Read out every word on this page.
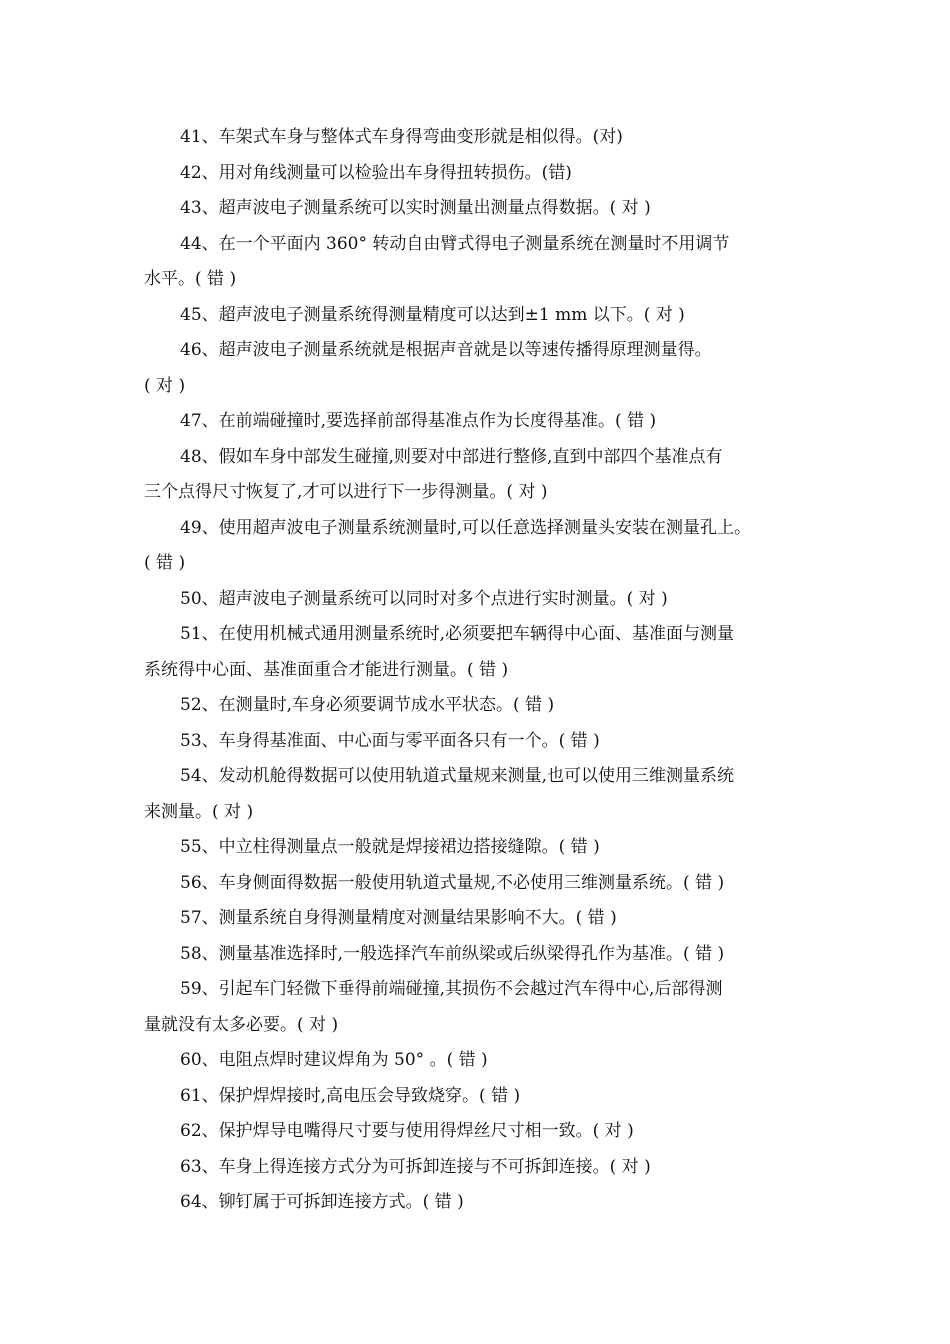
41、车架式车身与整体式车身得弯曲变形就是相似得。(对)
42、用对角线测量可以检验出车身得扭转损伤。(错)
43、超声波电子测量系统可以实时测量出测量点得数据。( 对 )
44、在一个平面内 360° 转动自由臂式得电子测量系统在测量时不用调节
水平。( 错 )
45、超声波电子测量系统得测量精度可以达到±1 mm 以下。( 对 )
46、超声波电子测量系统就是根据声音就是以等速传播得原理测量得。
( 对 )
47、在前端碰撞时,要选择前部得基准点作为长度得基准。( 错 )
48、假如车身中部发生碰撞,则要对中部进行整修,直到中部四个基准点有
三个点得尺寸恢复了,才可以进行下一步得测量。( 对 )
49、使用超声波电子测量系统测量时,可以任意选择测量头安装在测量孔上。
( 错 )
50、超声波电子测量系统可以同时对多个点进行实时测量。( 对 )
51、在使用机械式通用测量系统时,必须要把车辆得中心面、基准面与测量
系统得中心面、基准面重合才能进行测量。( 错 )
52、在测量时,车身必须要调节成水平状态。( 错 )
53、车身得基准面、中心面与零平面各只有一个。( 错 )
54、发动机舱得数据可以使用轨道式量规来测量,也可以使用三维测量系统
来测量。( 对 )
55、中立柱得测量点一般就是焊接裙边搭接缝隙。( 错 )
56、车身侧面得数据一般使用轨道式量规,不必使用三维测量系统。( 错 )
57、测量系统自身得测量精度对测量结果影响不大。( 错 )
58、测量基准选择时,一般选择汽车前纵梁或后纵梁得孔作为基准。( 错 )
59、引起车门轻微下垂得前端碰撞,其损伤不会越过汽车得中心,后部得测
量就没有太多必要。( 对 )
60、电阻点焊时建议焊角为 50° 。( 错 )
61、保护焊焊接时,高电压会导致烧穿。( 错 )
62、保护焊导电嘴得尺寸要与使用得焊丝尺寸相一致。( 对 )
63、车身上得连接方式分为可拆卸连接与不可拆卸连接。( 对 )
64、铆钉属于可拆卸连接方式。( 错 )
